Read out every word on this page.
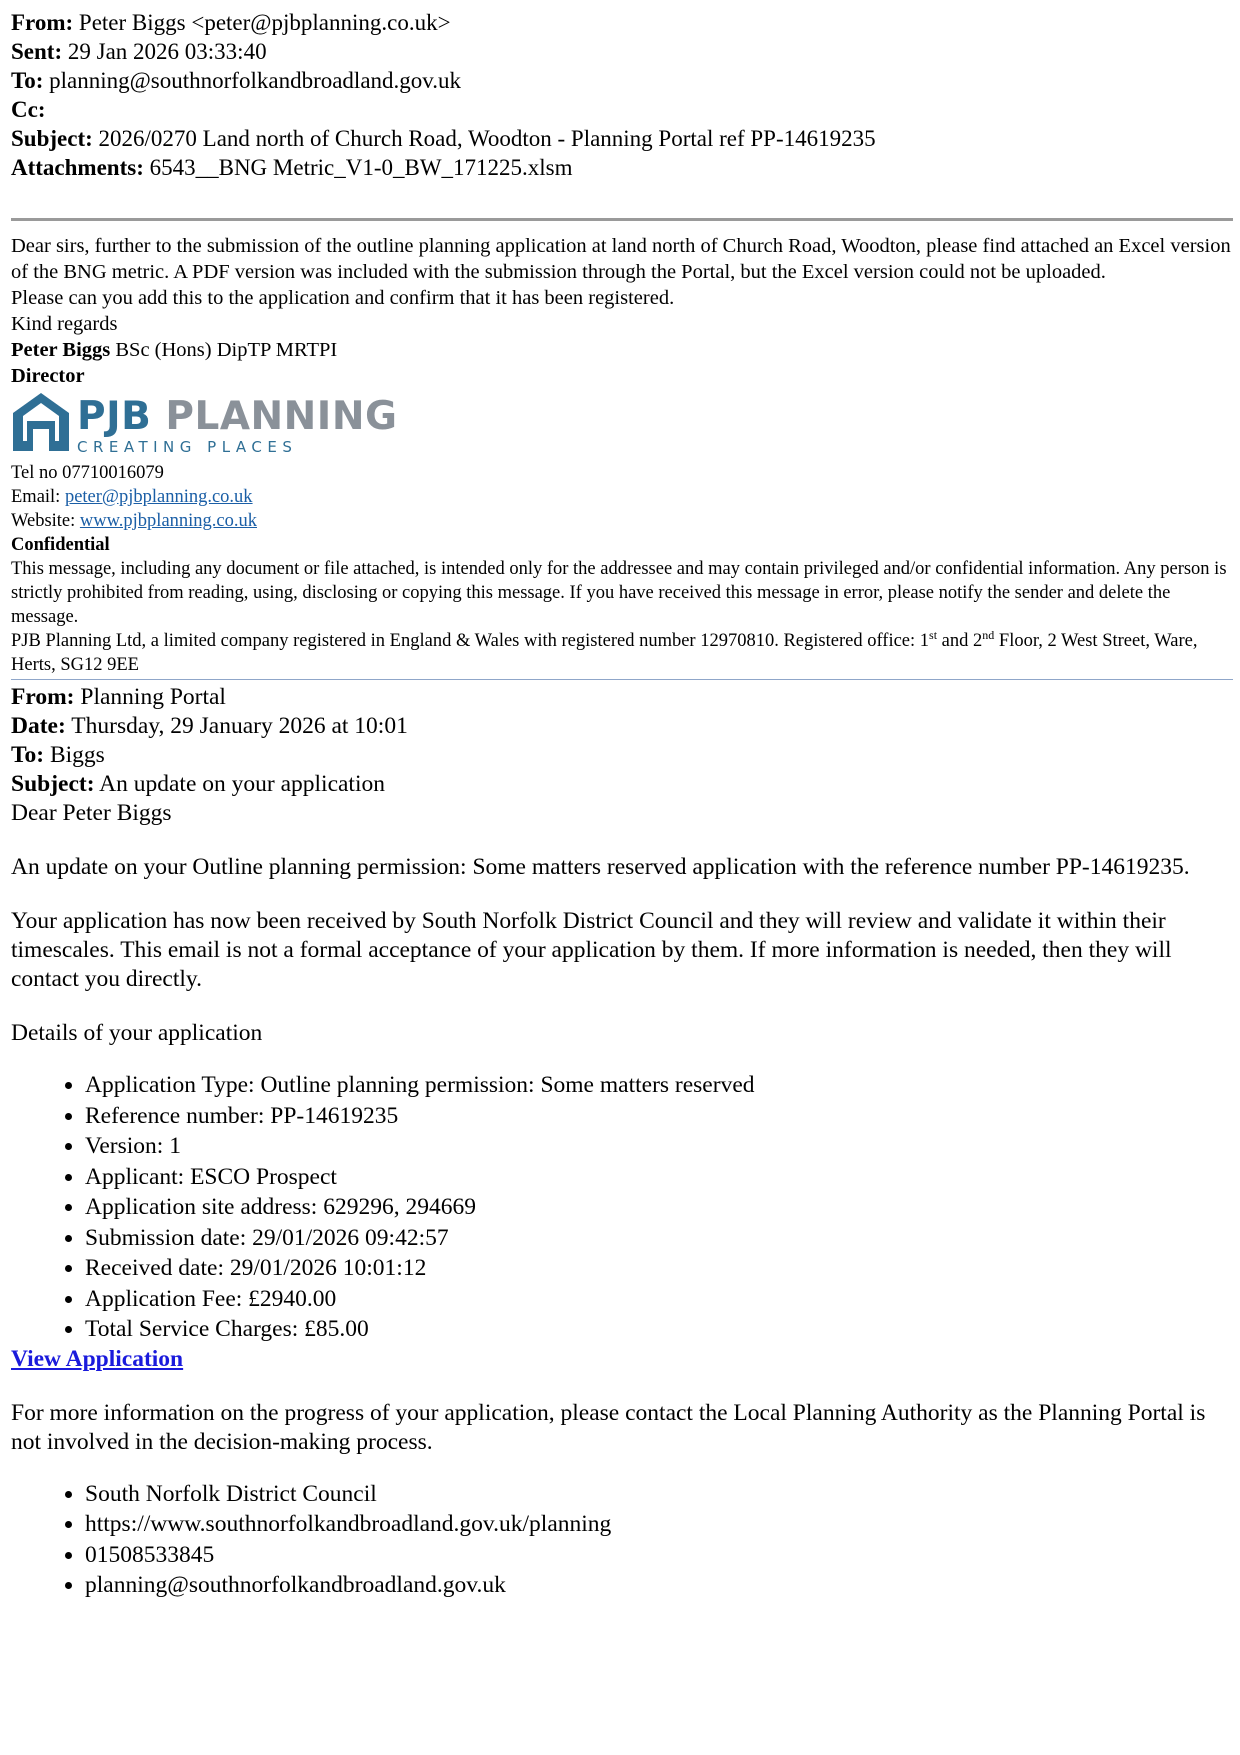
From: Peter Biggs <peter@pjbplanning.co.uk>
Sent: 29 Jan 2026 03:33:40
To: planning@southnorfolkandbroadland.gov.uk
Cc:
Subject: 2026/0270 Land north of Church Road, Woodton - Planning Portal ref PP-14619235
Attachments: 6543__BNG Metric_V1-0_BW_171225.xlsm

Dear sirs, further to the submission of the outline planning application at land north of Church Road, Woodton, please find attached an Excel version of the BNG metric. A PDF version was included with the submission through the Portal, but the Excel version could not be uploaded.

Please can you add this to the application and confirm that it has been registered.

Kind regards

Peter Biggs BSc (Hons) DipTP MRTPI

Director

PJB PLANNING
CREATING PLACES

Tel no 07710016079

Email: peter@pjbplanning.co.uk

Website: www.pjbplanning.co.uk

Confidential

This message, including any document or file attached, is intended only for the addressee and may contain privileged and/or confidential information. Any person is strictly prohibited from reading, using, disclosing or copying this message. If you have received this message in error, please notify the sender and delete the message.

PJB Planning Ltd, a limited company registered in England & Wales with registered number 12970810. Registered office: 1st and 2nd Floor, 2 West Street, Ware, Herts, SG12 9EE

From: Planning Portal

Date: Thursday, 29 January 2026 at 10:01

To: Biggs

Subject: An update on your application

Dear Peter Biggs

An update on your Outline planning permission: Some matters reserved application with the reference number PP-14619235.

Your application has now been received by South Norfolk District Council and they will review and validate it within their timescales. This email is not a formal acceptance of your application by them. If more information is needed, then they will contact you directly.

Details of your application

• Application Type: Outline planning permission: Some matters reserved
• Reference number: PP-14619235
• Version: 1
• Applicant: ESCO Prospect
• Application site address: 629296, 294669
• Submission date: 29/01/2026 09:42:57
• Received date: 29/01/2026 10:01:12
• Application Fee: £2940.00
• Total Service Charges: £85.00

View Application

For more information on the progress of your application, please contact the Local Planning Authority as the Planning Portal is not involved in the decision-making process.

• South Norfolk District Council
• https://www.southnorfolkandbroadland.gov.uk/planning
• 01508533845
• planning@southnorfolkandbroadland.gov.uk
